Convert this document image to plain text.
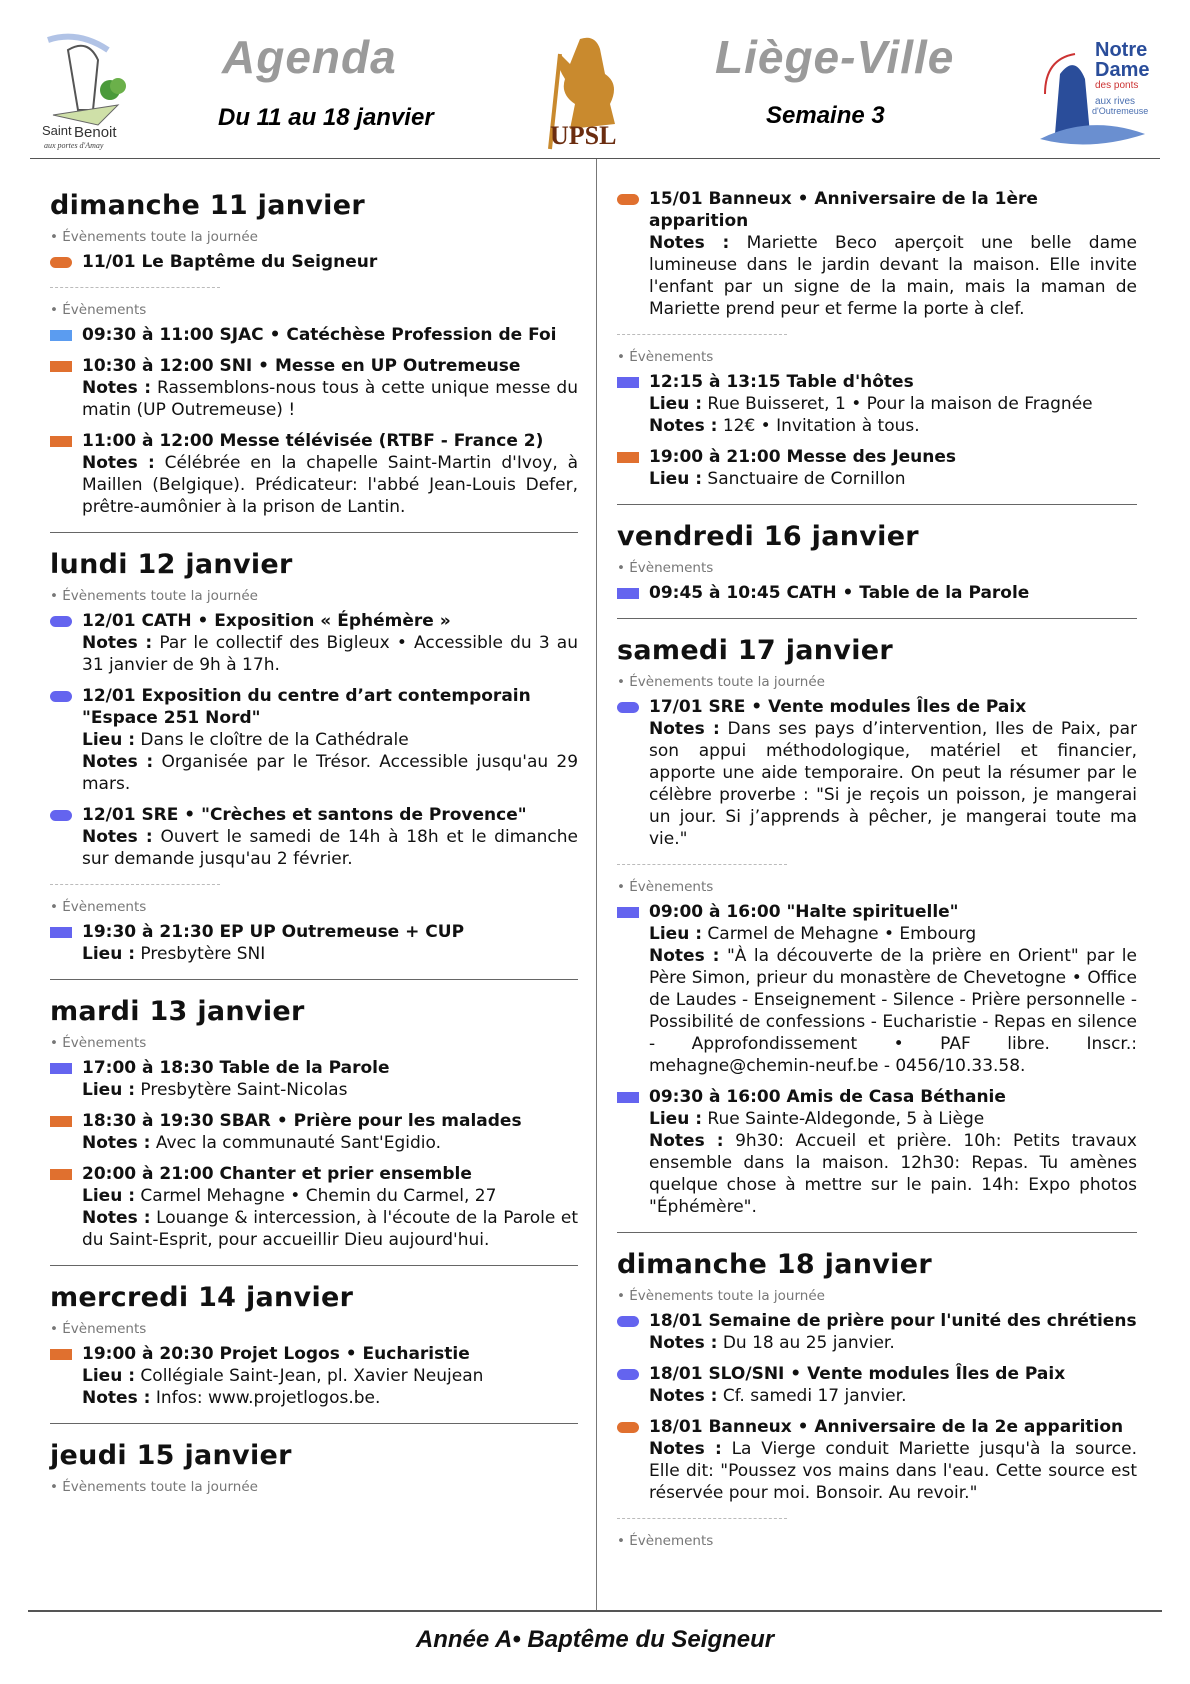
Saint Benoit
aux portes d'Amay
Agenda
Du 11 au 18 janvier
UPSL
Liège-Ville
Semaine 3
Notre
Dame
des ponts
aux rives
d'Outremeuse
dimanche 11 janvier
• Évènements toute la journée
11/01 Le Baptême du Seigneur
• Évènements
09:30 à 11:00 SJAC • Catéchèse Profession de Foi
10:30 à 12:00 SNI • Messe en UP Outremeuse
Notes : Rassemblons-nous tous à cette unique messe du matin (UP Outremeuse) !
11:00 à 12:00 Messe télévisée (RTBF - France 2)
Notes : Célébrée en la chapelle Saint-Martin d'Ivoy, à Maillen (Belgique). Prédicateur: l'abbé Jean-Louis Defer, prêtre-aumônier à la prison de Lantin.
lundi 12 janvier
• Évènements toute la journée
12/01 CATH • Exposition « Éphémère »
Notes : Par le collectif des Bigleux • Accessible du 3 au 31 janvier de 9h à 17h.
12/01 Exposition du centre d’art contemporain "Espace 251 Nord"
Lieu : Dans le cloître de la Cathédrale
Notes : Organisée par le Trésor. Accessible jusqu'au 29 mars.
12/01 SRE • "Crèches et santons de Provence"
Notes : Ouvert le samedi de 14h à 18h et le dimanche sur demande jusqu'au 2 février.
• Évènements
19:30 à 21:30 EP UP Outremeuse + CUP
Lieu : Presbytère SNI
mardi 13 janvier
• Évènements
17:00 à 18:30 Table de la Parole
Lieu : Presbytère Saint-Nicolas
18:30 à 19:30 SBAR • Prière pour les malades
Notes : Avec la communauté Sant'Egidio.
20:00 à 21:00 Chanter et prier ensemble
Lieu : Carmel Mehagne • Chemin du Carmel, 27
Notes : Louange & intercession, à l'écoute de la Parole et du Saint-Esprit, pour accueillir Dieu aujourd'hui.
mercredi 14 janvier
• Évènements
19:00 à 20:30 Projet Logos • Eucharistie
Lieu : Collégiale Saint-Jean, pl. Xavier Neujean
Notes : Infos: www.projetlogos.be.
jeudi 15 janvier
• Évènements toute la journée
15/01 Banneux • Anniversaire de la 1ère apparition
Notes : Mariette Beco aperçoit une belle dame lumineuse dans le jardin devant la maison. Elle invite l'enfant par un signe de la main, mais la maman de Mariette prend peur et ferme la porte à clef.
• Évènements
12:15 à 13:15 Table d'hôtes
Lieu : Rue Buisseret, 1 • Pour la maison de Fragnée
Notes : 12€ • Invitation à tous.
19:00 à 21:00 Messe des Jeunes
Lieu : Sanctuaire de Cornillon
vendredi 16 janvier
• Évènements
09:45 à 10:45 CATH • Table de la Parole
samedi 17 janvier
• Évènements toute la journée
17/01 SRE • Vente modules Îles de Paix
Notes : Dans ses pays d’intervention, Iles de Paix, par son appui méthodologique, matériel et financier, apporte une aide temporaire. On peut la résumer par le célèbre proverbe : "Si je reçois un poisson, je mangerai un jour. Si j’apprends à pêcher, je mangerai toute ma vie."
• Évènements
09:00 à 16:00 "Halte spirituelle"
Lieu : Carmel de Mehagne • Embourg
Notes : "À la découverte de la prière en Orient" par le Père Simon, prieur du monastère de Chevetogne • Office de Laudes - Enseignement - Silence - Prière personnelle - Possibilité de confessions - Eucharistie - Repas en silence - Approfondissement • PAF libre. Inscr.: mehagne@chemin-neuf.be - 0456/10.33.58.
09:30 à 16:00 Amis de Casa Béthanie
Lieu : Rue Sainte-Aldegonde, 5 à Liège
Notes : 9h30: Accueil et prière. 10h: Petits travaux ensemble dans la maison. 12h30: Repas. Tu amènes quelque chose à mettre sur le pain. 14h: Expo photos "Éphémère".
dimanche 18 janvier
• Évènements toute la journée
18/01 Semaine de prière pour l'unité des chrétiens
Notes : Du 18 au 25 janvier.
18/01 SLO/SNI • Vente modules Îles de Paix
Notes : Cf. samedi 17 janvier.
18/01 Banneux • Anniversaire de la 2e apparition
Notes : La Vierge conduit Mariette jusqu'à la source. Elle dit: "Poussez vos mains dans l'eau. Cette source est réservée pour moi. Bonsoir. Au revoir."
• Évènements
Année A• Baptême du Seigneur
